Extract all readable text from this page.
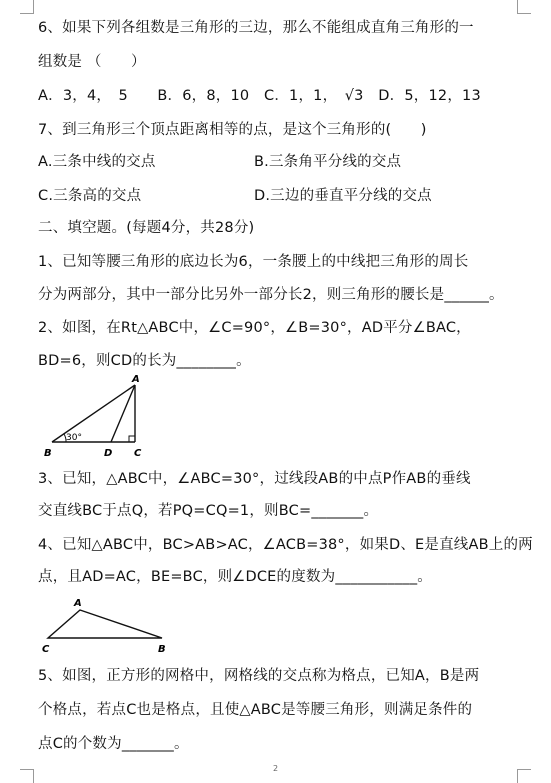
6、如果下列各组数是三角形的三边，那么不能组成直角三角形的一
组数是 （　　）
A．3，4，　5　　B．6，8，10　C．1，1，　√3　D．5，12，13
7、到三角形三个顶点距离相等的点，是这个三角形的(　　)
A.三条中线的交点	B.三条角平分线的交点
C.三条高的交点	D.三边的垂直平分线的交点
二、填空题。(每题4分，共28分)
1、已知等腰三角形的底边长为6，一条腰上的中线把三角形的周长
分为两部分，其中一部分比另外一部分长2，则三角形的腰长是______。
2、如图，在Rt△ABC中，∠C=90°，∠B=30°，AD平分∠BAC，
BD=6，则CD的长为________。
A
B	D C
30°
3、已知，△ABC中，∠ABC=30°，过线段AB的中点P作AB的垂线
交直线BC于点Q，若PQ=CQ=1，则BC=_______。
4、已知△ABC中，BC>AB>AC，∠ACB=38°，如果D、E是直线AB上的两
点，且AD=AC，BE=BC，则∠DCE的度数为___________。
A
C	B
5、如图，正方形的网格中，网格线的交点称为格点，已知A，B是两
个格点，若点C也是格点，且使△ABC是等腰三角形，则满足条件的
点C的个数为_______。
2
